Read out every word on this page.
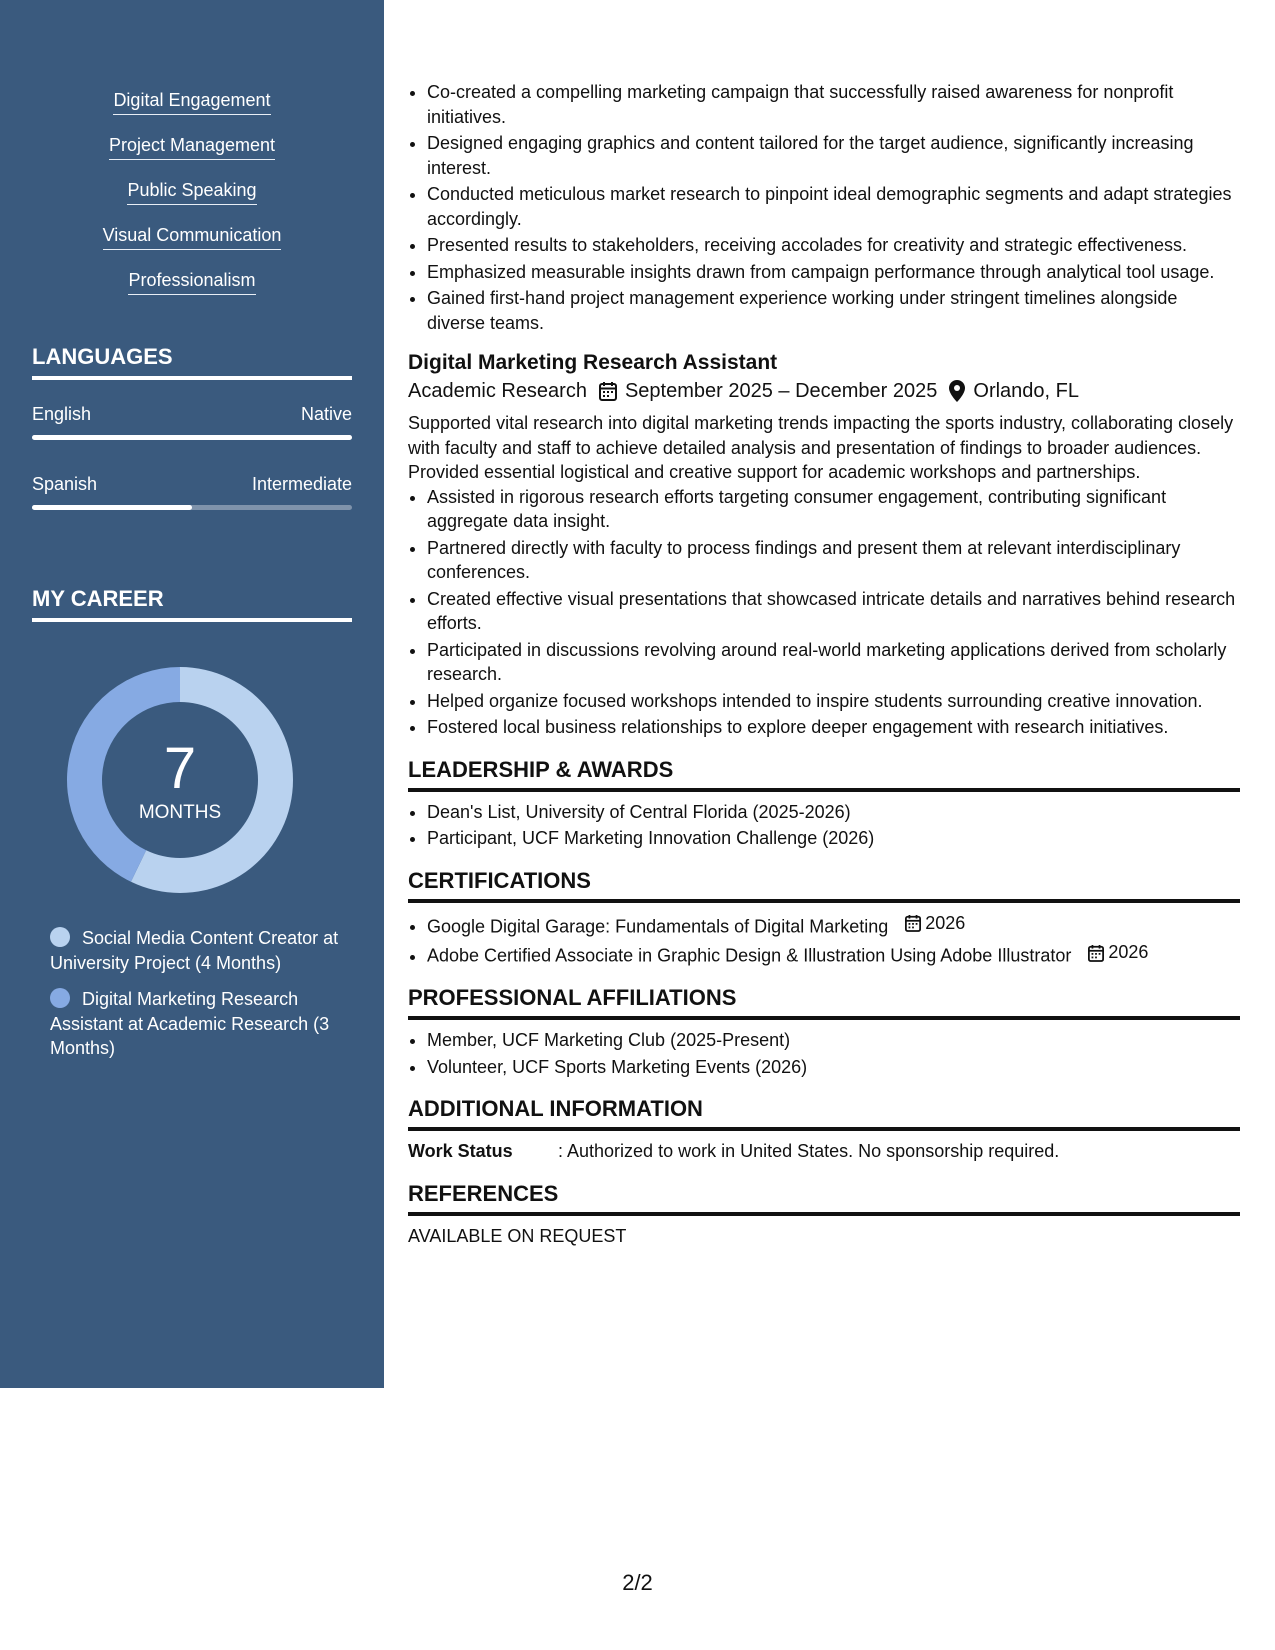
Digital Engagement
Project Management
Public Speaking
Visual Communication
Professionalism
LANGUAGES
English	Native
Spanish	Intermediate
MY CAREER
7
MONTHS
Social Media Content Creator at University Project (4 Months)
Digital Marketing Research Assistant at Academic Research (3 Months)
• Co-created a compelling marketing campaign that successfully raised awareness for nonprofit initiatives.
• Designed engaging graphics and content tailored for the target audience, significantly increasing interest.
• Conducted meticulous market research to pinpoint ideal demographic segments and adapt strategies accordingly.
• Presented results to stakeholders, receiving accolades for creativity and strategic effectiveness.
• Emphasized measurable insights drawn from campaign performance through analytical tool usage.
• Gained first-hand project management experience working under stringent timelines alongside diverse teams.
Digital Marketing Research Assistant
Academic Research September 2025 – December 2025 Orlando, FL
Supported vital research into digital marketing trends impacting the sports industry, collaborating closely with faculty and staff to achieve detailed analysis and presentation of findings to broader audiences. Provided essential logistical and creative support for academic workshops and partnerships.
• Assisted in rigorous research efforts targeting consumer engagement, contributing significant aggregate data insight.
• Partnered directly with faculty to process findings and present them at relevant interdisciplinary conferences.
• Created effective visual presentations that showcased intricate details and narratives behind research efforts.
• Participated in discussions revolving around real-world marketing applications derived from scholarly research.
• Helped organize focused workshops intended to inspire students surrounding creative innovation.
• Fostered local business relationships to explore deeper engagement with research initiatives.
LEADERSHIP & AWARDS
• Dean's List, University of Central Florida (2025-2026)
• Participant, UCF Marketing Innovation Challenge (2026)
CERTIFICATIONS
• Google Digital Garage: Fundamentals of Digital Marketing 2026
• Adobe Certified Associate in Graphic Design & Illustration Using Adobe Illustrator 2026
PROFESSIONAL AFFILIATIONS
• Member, UCF Marketing Club (2025-Present)
• Volunteer, UCF Sports Marketing Events (2026)
ADDITIONAL INFORMATION
Work Status	: Authorized to work in United States. No sponsorship required.
REFERENCES
AVAILABLE ON REQUEST
2/2
